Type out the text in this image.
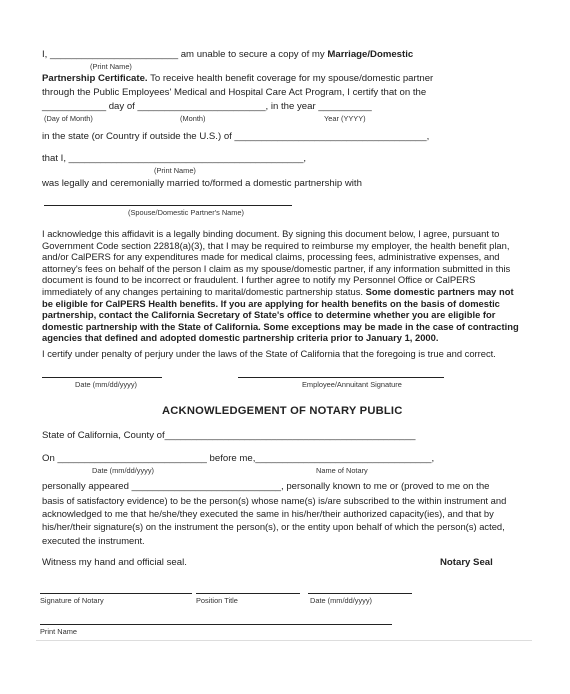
I, ________________________ am unable to secure a copy of my Marriage/Domestic
(Print Name)
Partnership Certificate. To receive health benefit coverage for my spouse/domestic partner
through the Public Employees' Medical and Hospital Care Act Program, I certify that on the
____________ day of ________________________, in the year __________
(Day of Month)	(Month)	Year (YYYY)
in the state (or Country if outside the U.S.) of ____________________________________,
that I, ____________________________________________,
(Print Name)
was legally and ceremonially married to/formed a domestic partnership with
(Spouse/Domestic Partner's Name)

I acknowledge this affidavit is a legally binding document. By signing this document below, I agree, pursuant to Government Code section 22818(a)(3), that I may be required to reimburse my employer, the health benefit plan, and/or CalPERS for any expenditures made for medical claims, processing fees, administrative expenses, and attorney's fees on behalf of the person I claim as my spouse/domestic partner, if any information submitted in this document is found to be incorrect or fraudulent. I further agree to notify my Personnel Office or CalPERS immediately of any changes pertaining to marital/domestic partnership status. Some domestic partners may not be eligible for CalPERS Health benefits. If you are applying for health benefits on the basis of domestic partnership, contact the California Secretary of State's office to determine whether you are eligible for domestic partnership with the State of California. Some exceptions may be made in the case of contracting agencies that defined and adopted domestic partnership criteria prior to January 1, 2000.

I certify under penalty of perjury under the laws of the State of California that the foregoing is true and correct.
Date (mm/dd/yyyy)	Employee/Annuitant Signature
ACKNOWLEDGEMENT OF NOTARY PUBLIC
State of California, County of_______________________________________________
On ____________________________ before me,_________________________________,
Date (mm/dd/yyyy)	Name of Notary
personally appeared ____________________________, personally known to me or (proved to me on the
basis of satisfactory evidence) to be the person(s) whose name(s) is/are subscribed to the within instrument and acknowledged to me that he/she/they executed the same in his/her/their authorized capacity(ies), and that by his/her/their signature(s) on the instrument the person(s), or the entity upon behalf of which the person(s) acted, executed the instrument.
Witness my hand and official seal.	Notary Seal
Signature of Notary	Position Title	Date (mm/dd/yyyy)
Print Name
